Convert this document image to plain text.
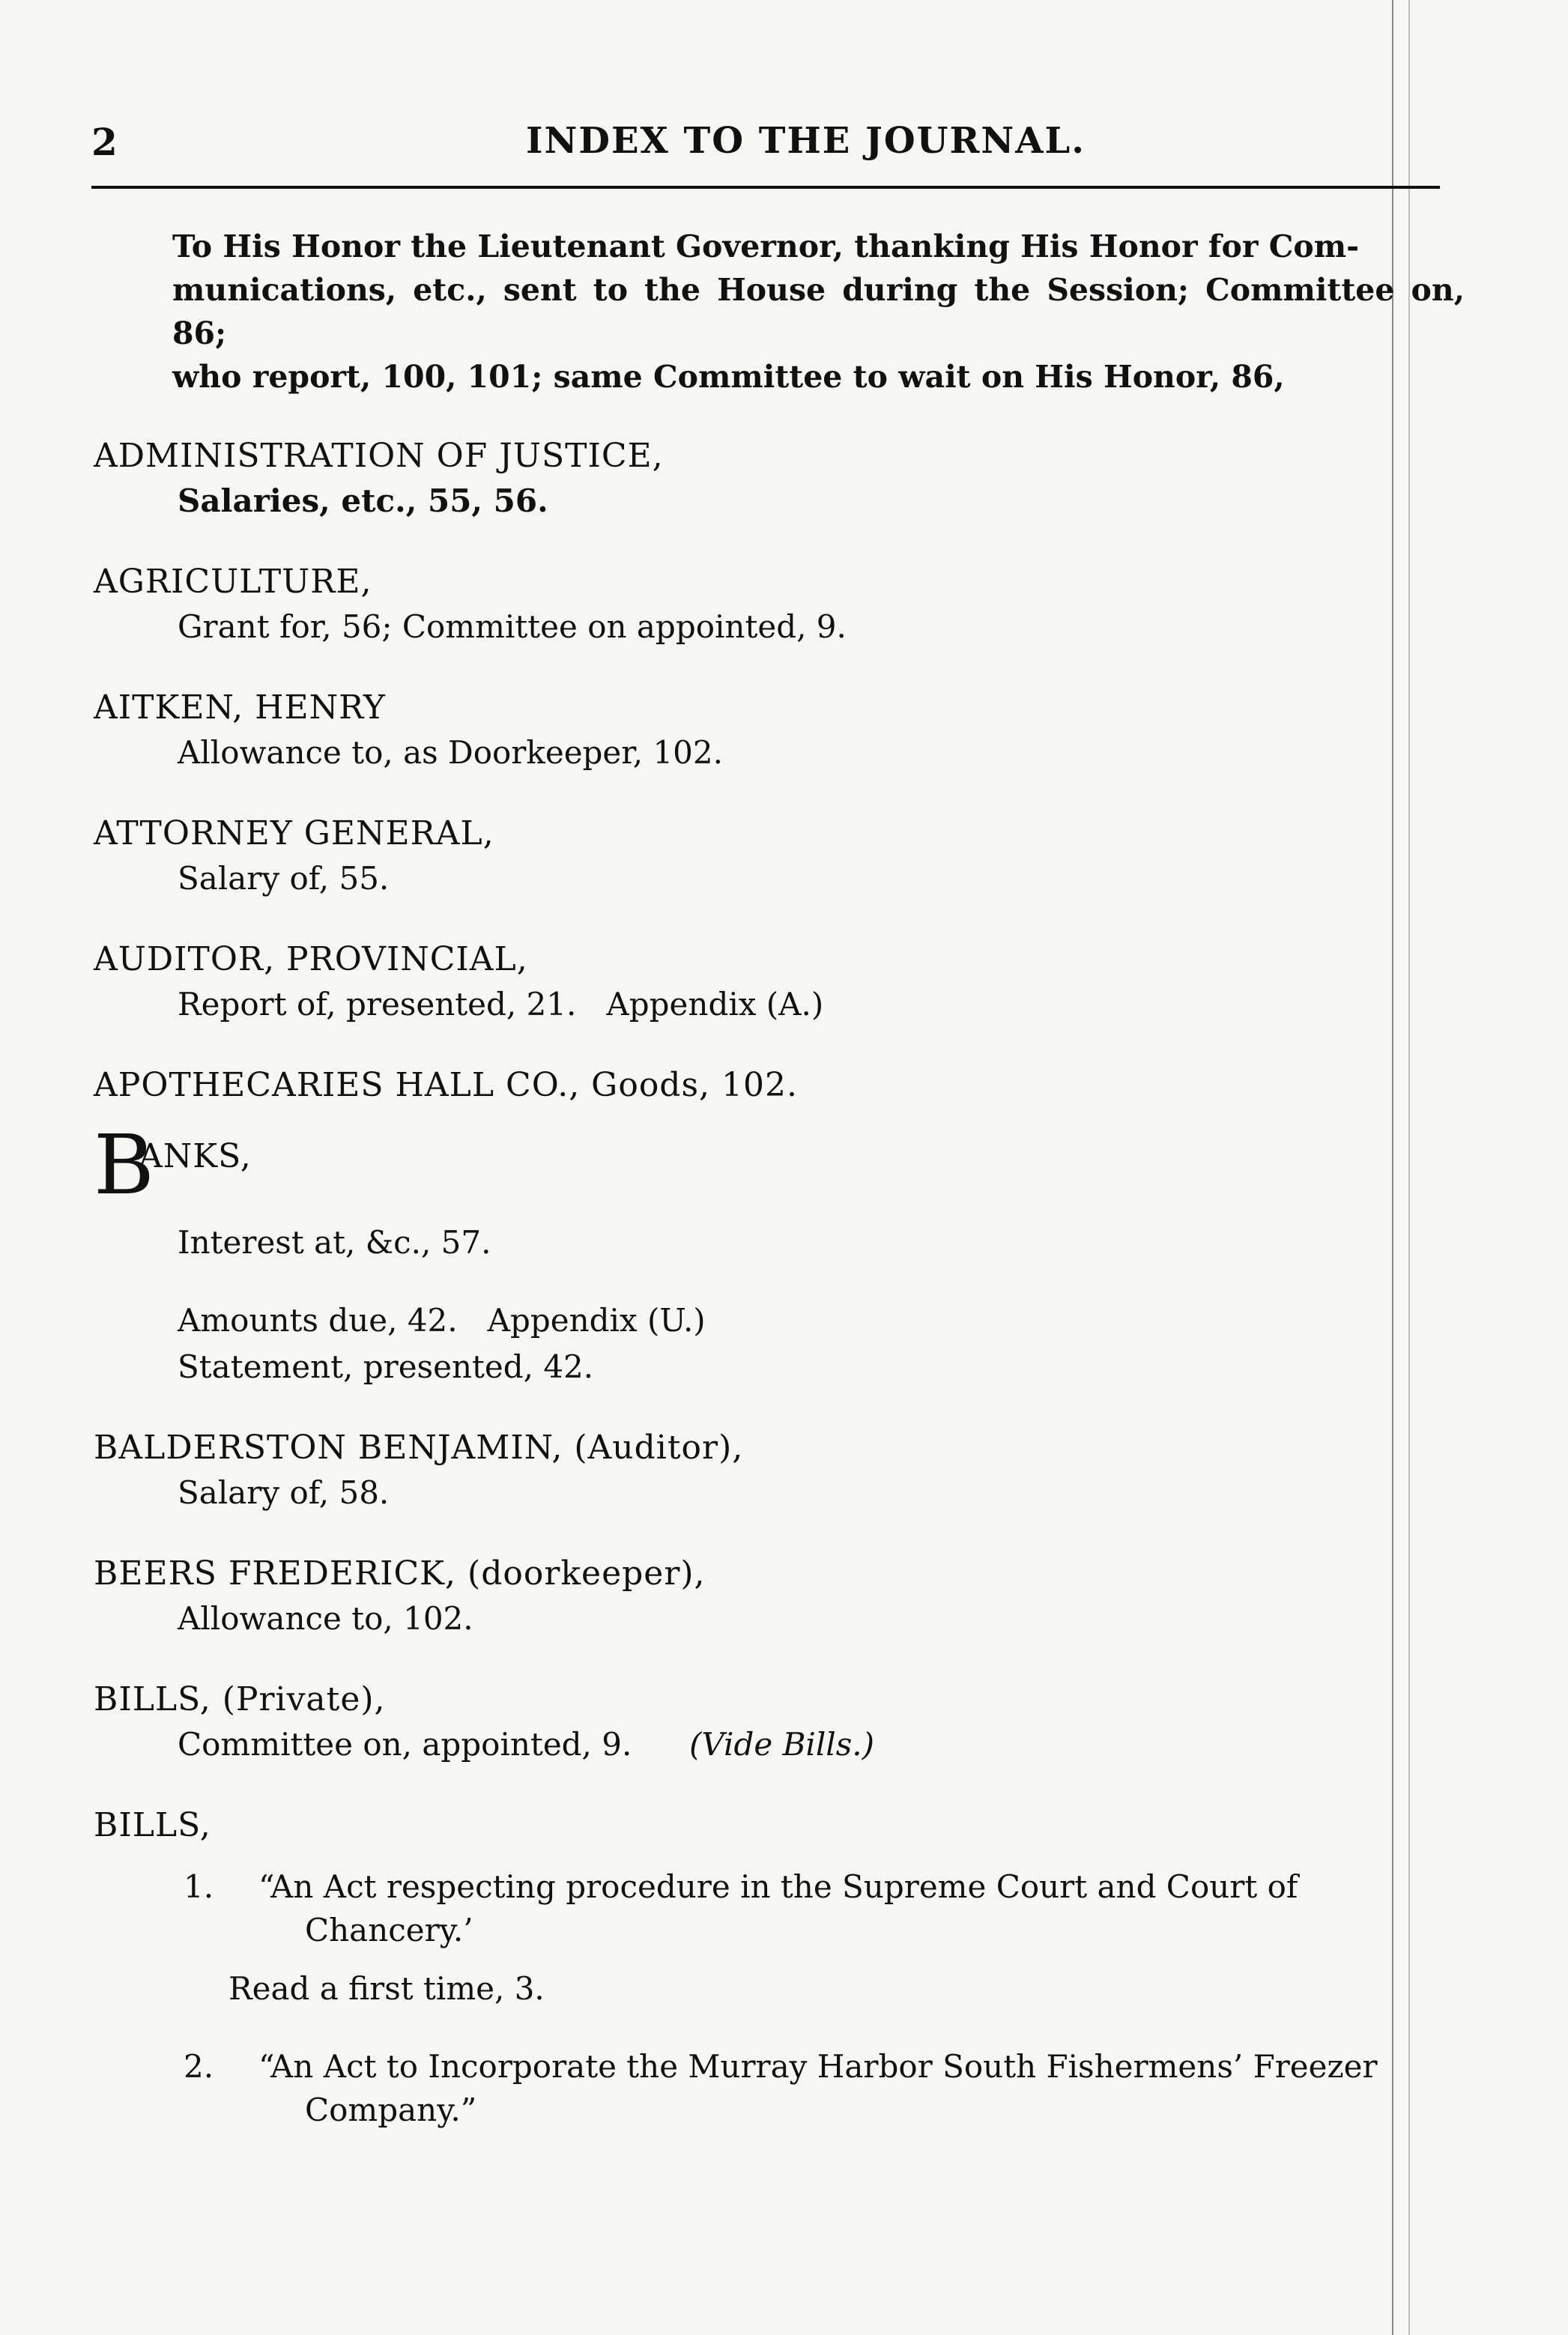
2	INDEX TO THE JOURNAL.
To His Honor the Lieutenant Governor, thanking His Honor for Com-
munications, etc., sent to the House during the Session; Committee on, 86;
who report, 100, 101; same Committee to wait on His Honor, 86,
ADMINISTRATION OF JUSTICE,
Salaries, etc., 55, 56.
AGRICULTURE,
Grant for, 56; Committee on appointed, 9.
AITKEN, HENRY
Allowance to, as Doorkeeper, 102.
ATTORNEY GENERAL,
Salary of, 55.
AUDITOR, PROVINCIAL,
Report of, presented, 21.   Appendix (A.)
APOTHECARIES HALL CO., Goods, 102.
B
ANKS,
Interest at, &c., 57.
Amounts due, 42.   Appendix (U.)
Statement, presented, 42.
BALDERSTON BENJAMIN, (Auditor),
Salary of, 58.
BEERS FREDERICK, (doorkeeper),
Allowance to, 102.
BILLS, (Private),
Committee on, appointed, 9. (Vide Bills.)
BILLS,
1. “An Act respecting procedure in the Supreme Court and Court of
Chancery.’
Read a first time, 3.
2. “An Act to Incorporate the Murray Harbor South Fishermens’ Freezer
Company.”
